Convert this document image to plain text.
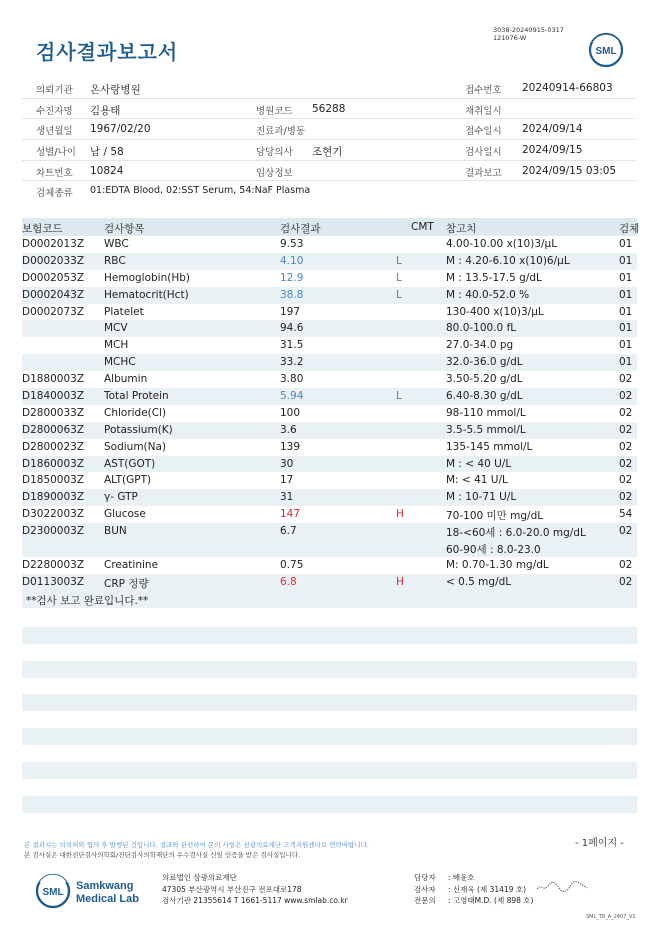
3038-20240915-0317
121076-W
검사결과보고서	SML
의뢰기관 온사랑병원	접수번호 20240914-66803
수진자명 김용태	병원코드 56288	채취일시
생년월일 1967/02/20	진료과/병동	접수일시 2024/09/14
성별/나이 남 / 58	담당의사 조현기	검사일시 2024/09/15
차트번호 10824	임상정보	결과보고 2024/09/15 03:05
검체종류 01:EDTA Blood, 02:SST Serum, 54:NaF Plasma
보험코드	검사항목	검사결과	CMT 참고치	검체
D0002013Z WBC	9.53	4.00-10.00 x(10)3/μL	01
D0002033Z RBC	4.10	L	M : 4.20-6.10 x(10)6/μL	01
D0002053Z Hemoglobin(Hb)	12.9	L	M : 13.5-17.5 g/dL	01
D0002043Z Hematocrit(Hct)	38.8	L	M : 40.0-52.0 %	01
D0002073Z Platelet	197	130-400 x(10)3/μL	01
MCV	94.6	80.0-100.0 fL	01
MCH	31.5	27.0-34.0 pg	01
MCHC	33.2	32.0-36.0 g/dL	01
D1880003Z Albumin	3.80	3.50-5.20 g/dL	02
D1840003Z Total Protein	5.94	L	6.40-8.30 g/dL	02
D2800033Z Chloride(Cl)	100	98-110 mmol/L	02
D2800063Z Potassium(K)	3.6	3.5-5.5 mmol/L	02
D2800023Z Sodium(Na)	139	135-145 mmol/L	02
D1860003Z AST(GOT)	30	M : < 40 U/L	02
D1850003Z ALT(GPT)	17	M: < 41 U/L	02
D1890003Z γ- GTP	31	M : 10-71 U/L	02
D3022003Z Glucose	147	H	70-100 미만 mg/dL	54
D2300003Z BUN	6.7	18-<60세 : 6.0-20.0 mg/dL	02
60-90세 : 8.0-23.0
D2280003Z Creatinine	0.75	M: 0.70-1.30 mg/dL	02
D0113003Z CRP 정량	6.8	H	< 0.5 mg/dL	02
**검사 보고 완료입니다.**
본 결과지는 의뢰처와 협의 후 발행된 것입니다. 결과와 관련하여 문의 사항은 삼광의료재단 고객지원센터로 연락바랍니다.
본 검사실은 대한진단검사의학회/진단검사의학재단의 우수검사실 신임 인증을 받은 검사실입니다.
- 1페이지 -
SML
Samkwang
Medical Lab
의료법인 삼광의료재단
47305 부산광역시 부산진구 전포대로178
검사기관 21355614 T 1661-5117 www.smlab.co.kr
담당자 : 배윤호
검사자 : 신재욱 (제 31419 호)
전문의 : 고영태M.D. (제 898 호)
SML_TR_A_2407_V1
